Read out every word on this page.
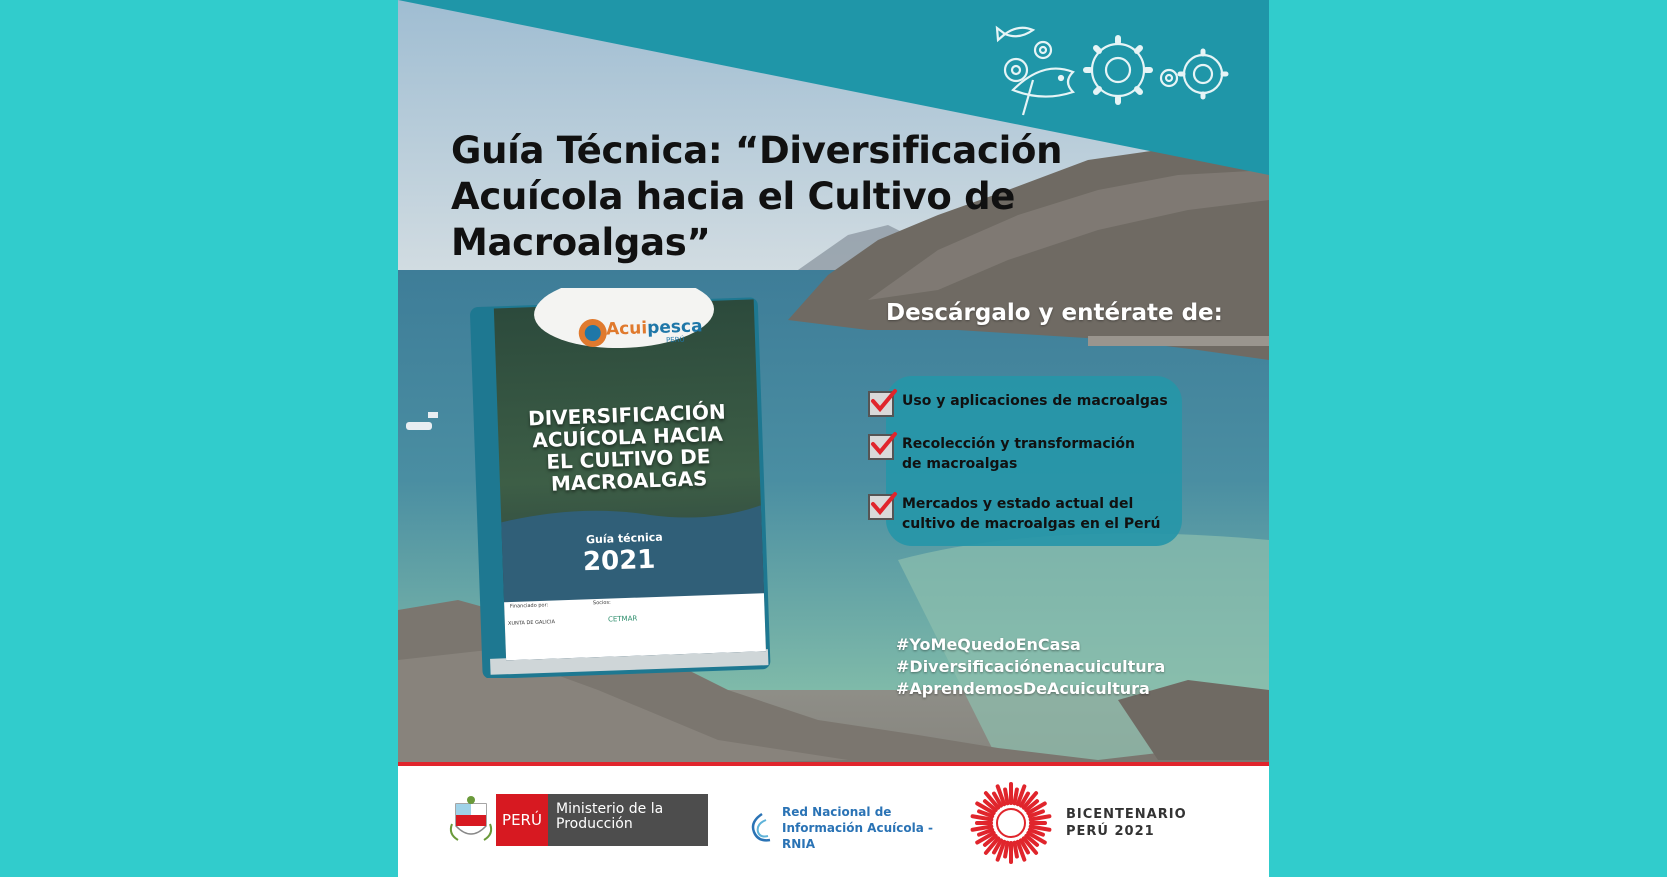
Guía Técnica: “Diversificación Acuícola hacia el Cultivo de Macroalgas”
Acuipesca
PERÚ
DIVERSIFICACIÓN ACUÍCOLA HACIA EL CULTIVO DE MACROALGAS
Guía técnica
2021
Financiado por:	Socios:
XUNTA DE GALICIA	CETMAR
Descárgalo y entérate de:
Uso y aplicaciones de macroalgas
Recolección y transformación de macroalgas
Mercados y estado actual del cultivo de macroalgas en el Perú
#YoMeQuedoEnCasa
#Diversificaciónenacuicultura
#AprendemosDeAcuicultura
PERÚ
Ministerio de la Producción
Red Nacional de Información Acuícola - RNIA
BICENTENARIO
PERÚ 2021
